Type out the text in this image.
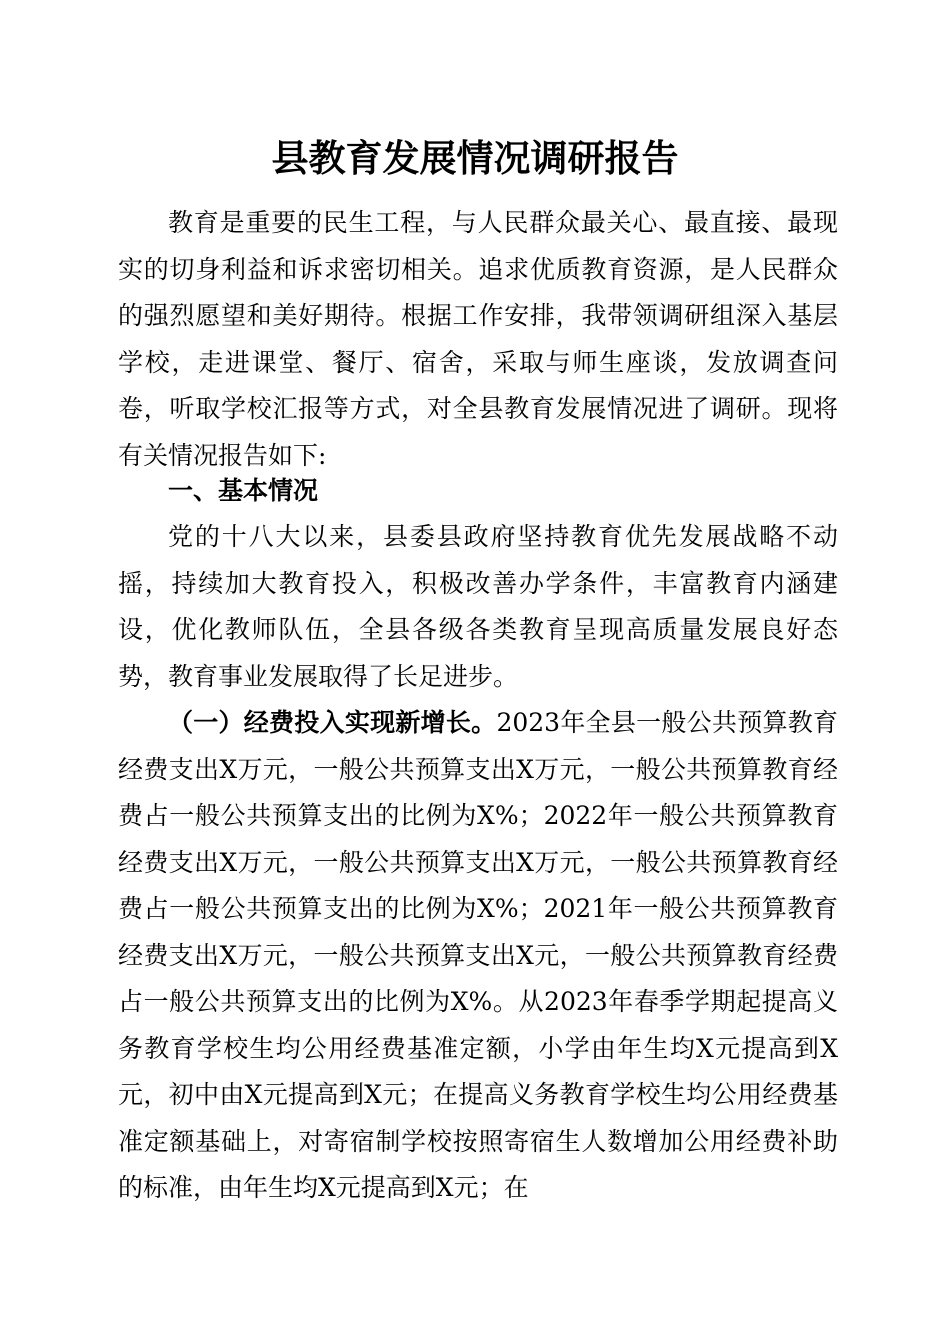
县教育发展情况调研报告
教育是重要的民生工程，与人民群众最关心、最直接、最现实的切身利益和诉求密切相关。追求优质教育资源，是人民群众的强烈愿望和美好期待。根据工作安排，我带领调研组深入基层学校，走进课堂、餐厅、宿舍，采取与师生座谈，发放调查问卷，听取学校汇报等方式，对全县教育发展情况进了调研。现将有关情况报告如下:
一、基本情况
党的十八大以来，县委县政府坚持教育优先发展战略不动摇，持续加大教育投入，积极改善办学条件，丰富教育内涵建设，优化教师队伍，全县各级各类教育呈现高质量发展良好态势，教育事业发展取得了长足进步。
（一）经费投入实现新增长。2023年全县一般公共预算教育经费支出X万元，一般公共预算支出X万元，一般公共预算教育经费占一般公共预算支出的比例为X%；2022年一般公共预算教育经费支出X万元，一般公共预算支出X万元，一般公共预算教育经费占一般公共预算支出的比例为X%；2021年一般公共预算教育经费支出X万元，一般公共预算支出X元，一般公共预算教育经费占一般公共预算支出的比例为X%。从2023年春季学期起提高义务教育学校生均公用经费基准定额，小学由年生均X元提高到X元，初中由X元提高到X元；在提高义务教育学校生均公用经费基准定额基础上，对寄宿制学校按照寄宿生人数增加公用经费补助的标准，由年生均X元提高到X元；在
